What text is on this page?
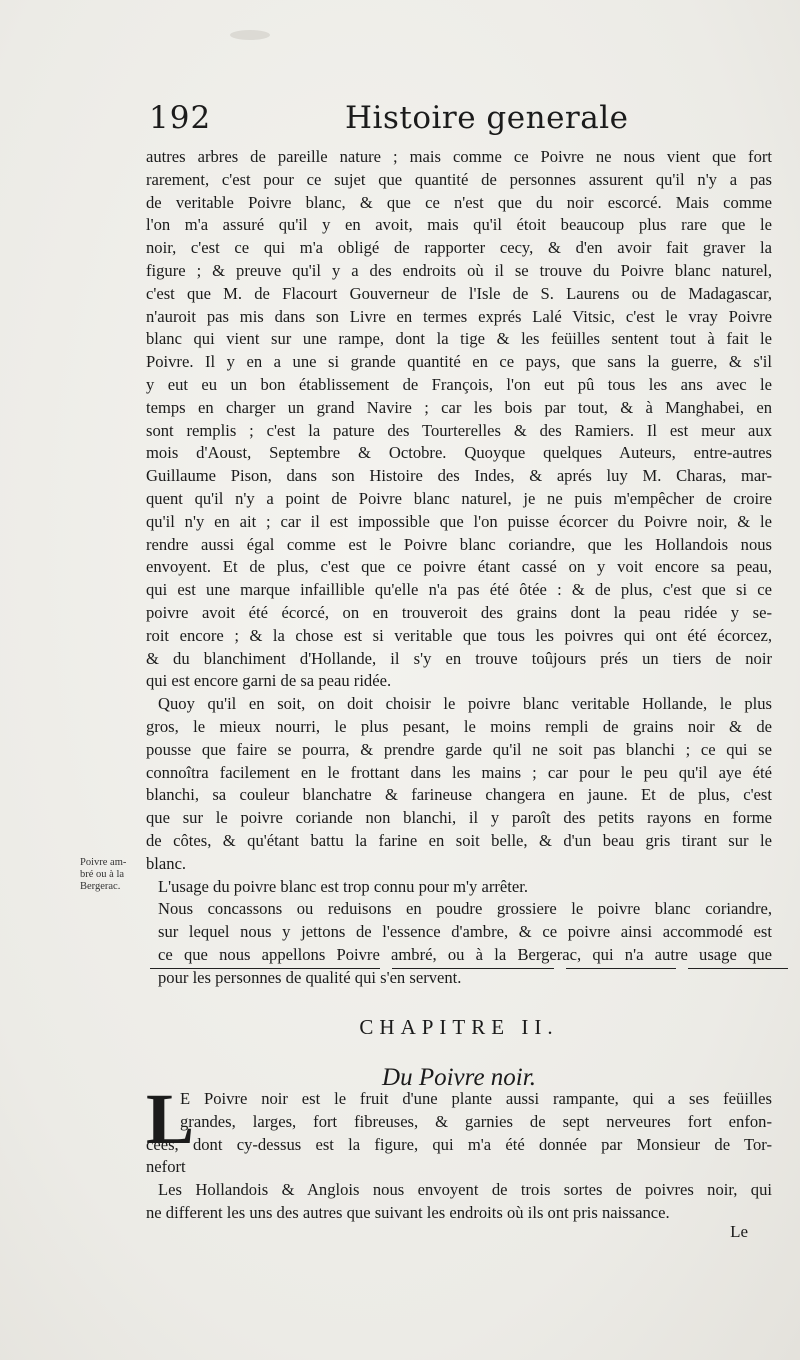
192	Histoire generale
autres arbres de pareille nature ; mais comme ce Poivre ne nous vient que fort
rarement, c'est pour ce sujet que quantité de personnes assurent qu'il n'y a pas
de veritable Poivre blanc, & que ce n'est que du noir escorcé. Mais comme
l'on m'a assuré qu'il y en avoit, mais qu'il étoit beaucoup plus rare que le
noir, c'est ce qui m'a obligé de rapporter cecy, & d'en avoir fait graver la
figure ; & preuve qu'il y a des endroits où il se trouve du Poivre blanc naturel,
c'est que M. de Flacourt Gouverneur de l'Isle de S. Laurens ou de Madagascar,
n'auroit pas mis dans son Livre en termes exprés Lalé Vitsic, c'est le vray Poivre
blanc qui vient sur une rampe, dont la tige & les feüilles sentent tout à fait le
Poivre. Il y en a une si grande quantité en ce pays, que sans la guerre, & s'il
y eut eu un bon établissement de François, l'on eut pû tous les ans avec le
temps en charger un grand Navire ; car les bois par tout, & à Manghabei, en
sont remplis ; c'est la pature des Tourterelles & des Ramiers. Il est meur aux
mois d'Aoust, Septembre & Octobre. Quoyque quelques Auteurs, entre-autres
Guillaume Pison, dans son Histoire des Indes, & aprés luy M. Charas, mar-
quent qu'il n'y a point de Poivre blanc naturel, je ne puis m'empêcher de croire
qu'il n'y en ait ; car il est impossible que l'on puisse écorcer du Poivre noir, & le
rendre aussi égal comme est le Poivre blanc coriandre, que les Hollandois nous
envoyent. Et de plus, c'est que ce poivre étant cassé on y voit encore sa peau,
qui est une marque infaillible qu'elle n'a pas été ôtée : & de plus, c'est que si ce
poivre avoit été écorcé, on en trouveroit des grains dont la peau ridée y se-
roit encore ; & la chose est si veritable que tous les poivres qui ont été écorcez,
& du blanchiment d'Hollande, il s'y en trouve toûjours prés un tiers de noir
qui est encore garni de sa peau ridée.
Quoy qu'il en soit, on doit choisir le poivre blanc veritable Hollande, le plus
gros, le mieux nourri, le plus pesant, le moins rempli de grains noir & de
pousse que faire se pourra, & prendre garde qu'il ne soit pas blanchi ; ce qui se
connoîtra facilement en le frottant dans les mains ; car pour le peu qu'il aye été
blanchi, sa couleur blanchatre & farineuse changera en jaune. Et de plus, c'est
que sur le poivre coriande non blanchi, il y paroît des petits rayons en forme
de côtes, & qu'étant battu la farine en soit belle, & d'un beau gris tirant sur le
blanc.
L'usage du poivre blanc est trop connu pour m'y arrêter.
Nous concassons ou reduisons en poudre grossiere le poivre blanc coriandre,
sur lequel nous y jettons de l'essence d'ambre, & ce poivre ainsi accommodé est
ce que nous appellons Poivre ambré, ou à la Bergerac, qui n'a autre usage que
pour les personnes de qualité qui s'en servent.
Poivre am-
bré ou à la
Bergerac.
CHAPITRE II.
Du Poivre noir.
L
E Poivre noir est le fruit d'une plante aussi rampante, qui a ses feüilles
grandes, larges, fort fibreuses, & garnies de sept nerveures fort enfon-
cées, dont cy-dessus est la figure, qui m'a été donnée par Monsieur de Tor-
nefort
Les Hollandois & Anglois nous envoyent de trois sortes de poivres noir, qui
ne different les uns des autres que suivant les endroits où ils ont pris naissance.
Le
